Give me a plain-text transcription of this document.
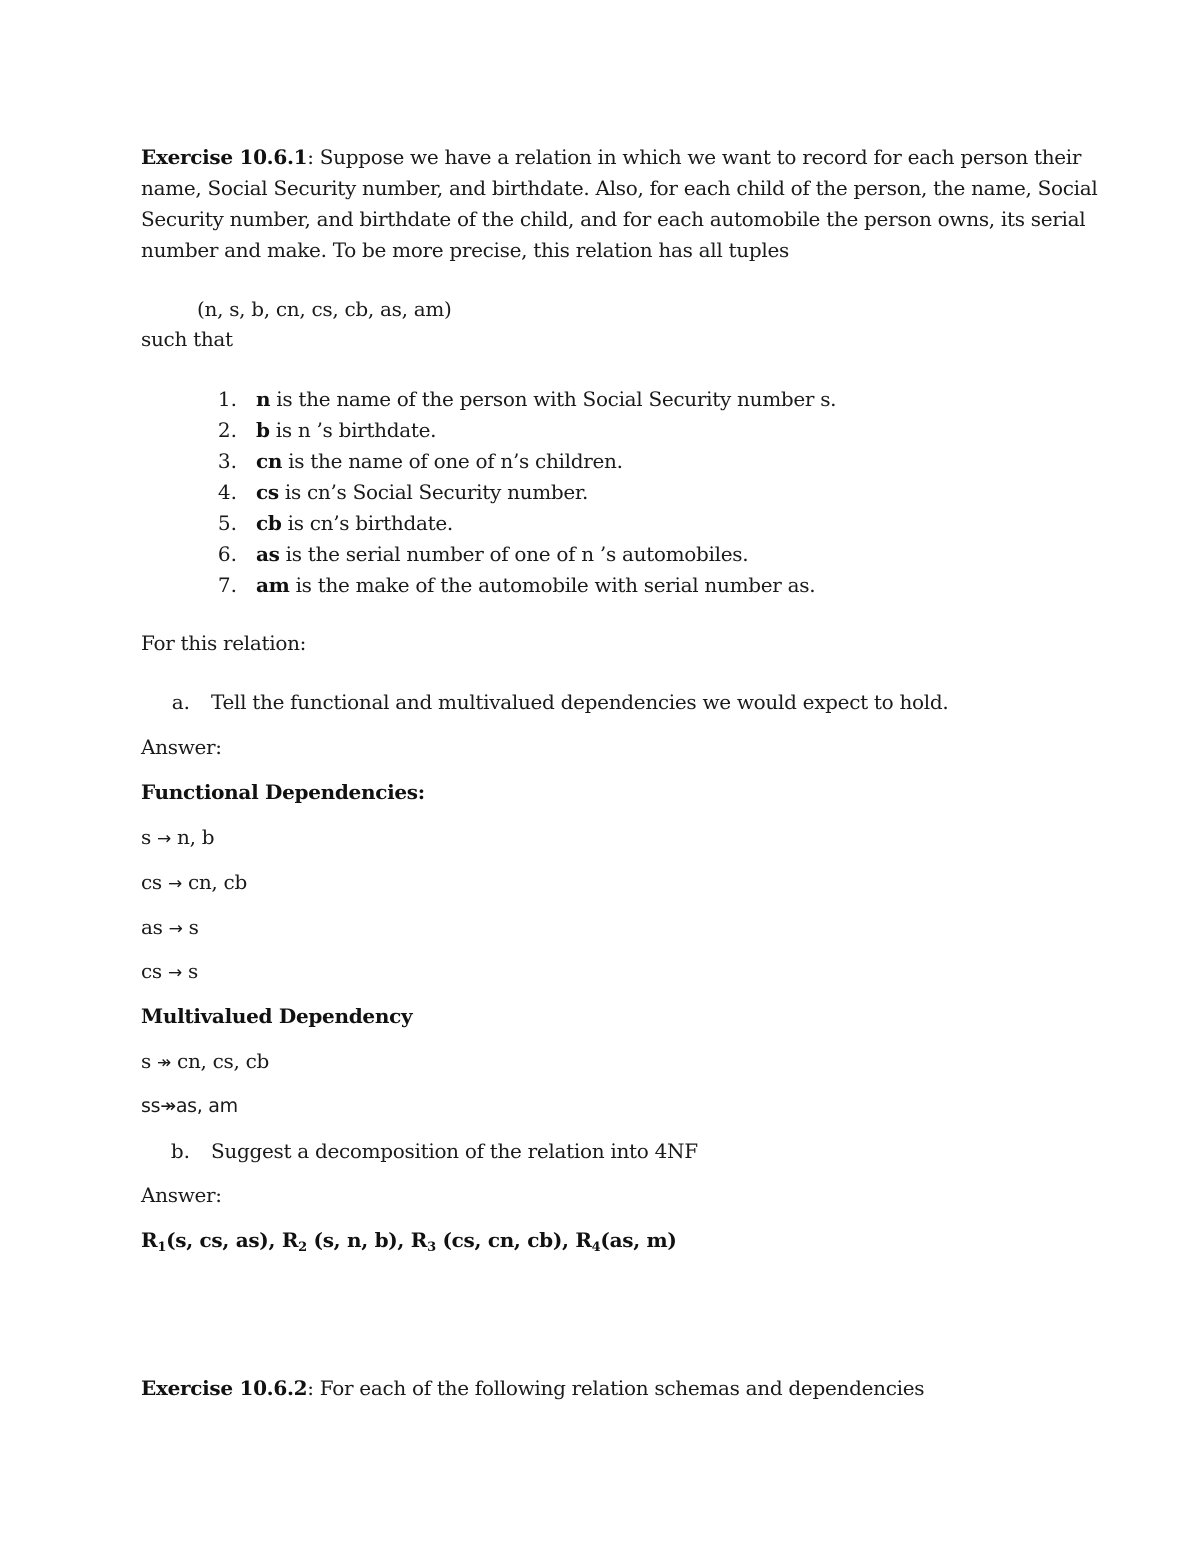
Exercise 10.6.1: Suppose we have a relation in which we want to record for each person their
name, Social Security number, and birthdate. Also, for each child of the person, the name, Social
Security number, and birthdate of the child, and for each automobile the person owns, its serial
number and make. To be more precise, this relation has all tuples
(n, s, b, cn, cs, cb, as, am)
such that
1. n is the name of the person with Social Security number s.
2. b is n ’s birthdate.
3. cn is the name of one of n’s children.
4. cs is cn’s Social Security number.
5. cb is cn’s birthdate.
6. as is the serial number of one of n ’s automobiles.
7. am is the make of the automobile with serial number as.
For this relation:
a. Tell the functional and multivalued dependencies we would expect to hold.
Answer:
Functional Dependencies:
s → n, b
cs → cn, cb
as → s
cs → s
Multivalued Dependency
s ↠ cn, cs, cb
ss↠as, am
b. Suggest a decomposition of the relation into 4NF
Answer:
$R_1(s$, cs, as), $R_2$ (s, n, b), $R_3$ (cs, cn, cb), $R_4(as$, m)
Exercise 10.6.2: For each of the following relation schemas and dependencies
